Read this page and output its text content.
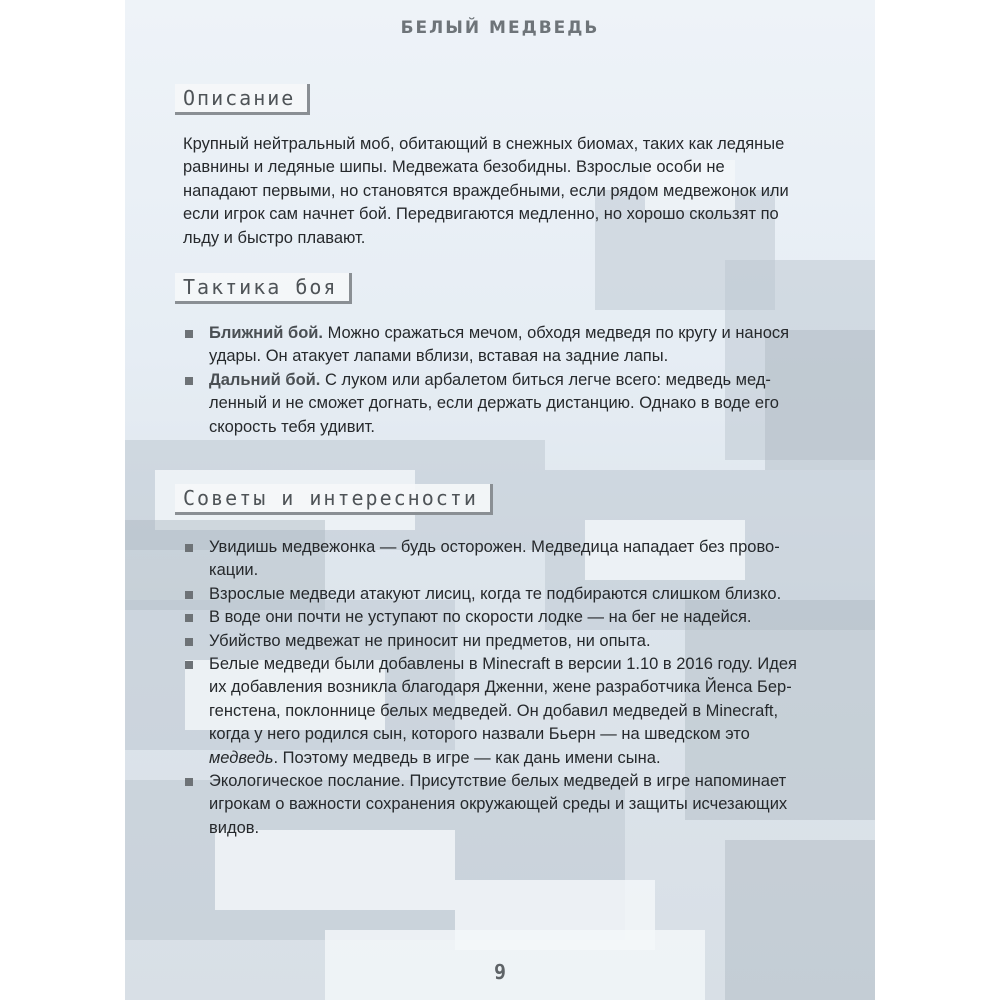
БЕЛЫЙ МЕДВЕДЬ
Описание

Крупный нейтральный моб, обитающий в снежных биомах, таких как ледяные равнины и ледяные шипы. Медвежата безобидны. Взрослые особи не нападают первыми, но становятся враждебными, если рядом медвежонок или если игрок сам начнет бой. Передвигаются медленно, но хорошо скользят по льду и быстро плавают.

Тактика боя
Ближний бой. Можно сражаться мечом, обходя медведя по кругу и нанося удары. Он атакует лапами вблизи, вставая на задние лапы.
Дальний бой. С луком или арбалетом биться легче всего: медведь медленный и не сможет догнать, если держать дистанцию. Однако в воде его скорость тебя удивит.
Советы и интересности
Увидишь медвежонка — будь осторожен. Медведица нападает без провокации.
Взрослые медведи атакуют лисиц, когда те подбираются слишком близко.
В воде они почти не уступают по скорости лодке — на бег не надейся.
Убийство медвежат не приносит ни предметов, ни опыта.
Белые медведи были добавлены в Minecraft в версии 1.10 в 2016 году. Идея их добавления возникла благодаря Дженни, жене разработчика Йенса Бергенстена, поклоннице белых медведей. Он добавил медведей в Minecraft, когда у него родился сын, которого назвали Бьерн — на шведском это медведь. Поэтому медведь в игре — как дань имени сына.
Экологическое послание. Присутствие белых медведей в игре напоминает игрокам о важности сохранения окружающей среды и защиты исчезающих видов.
9
